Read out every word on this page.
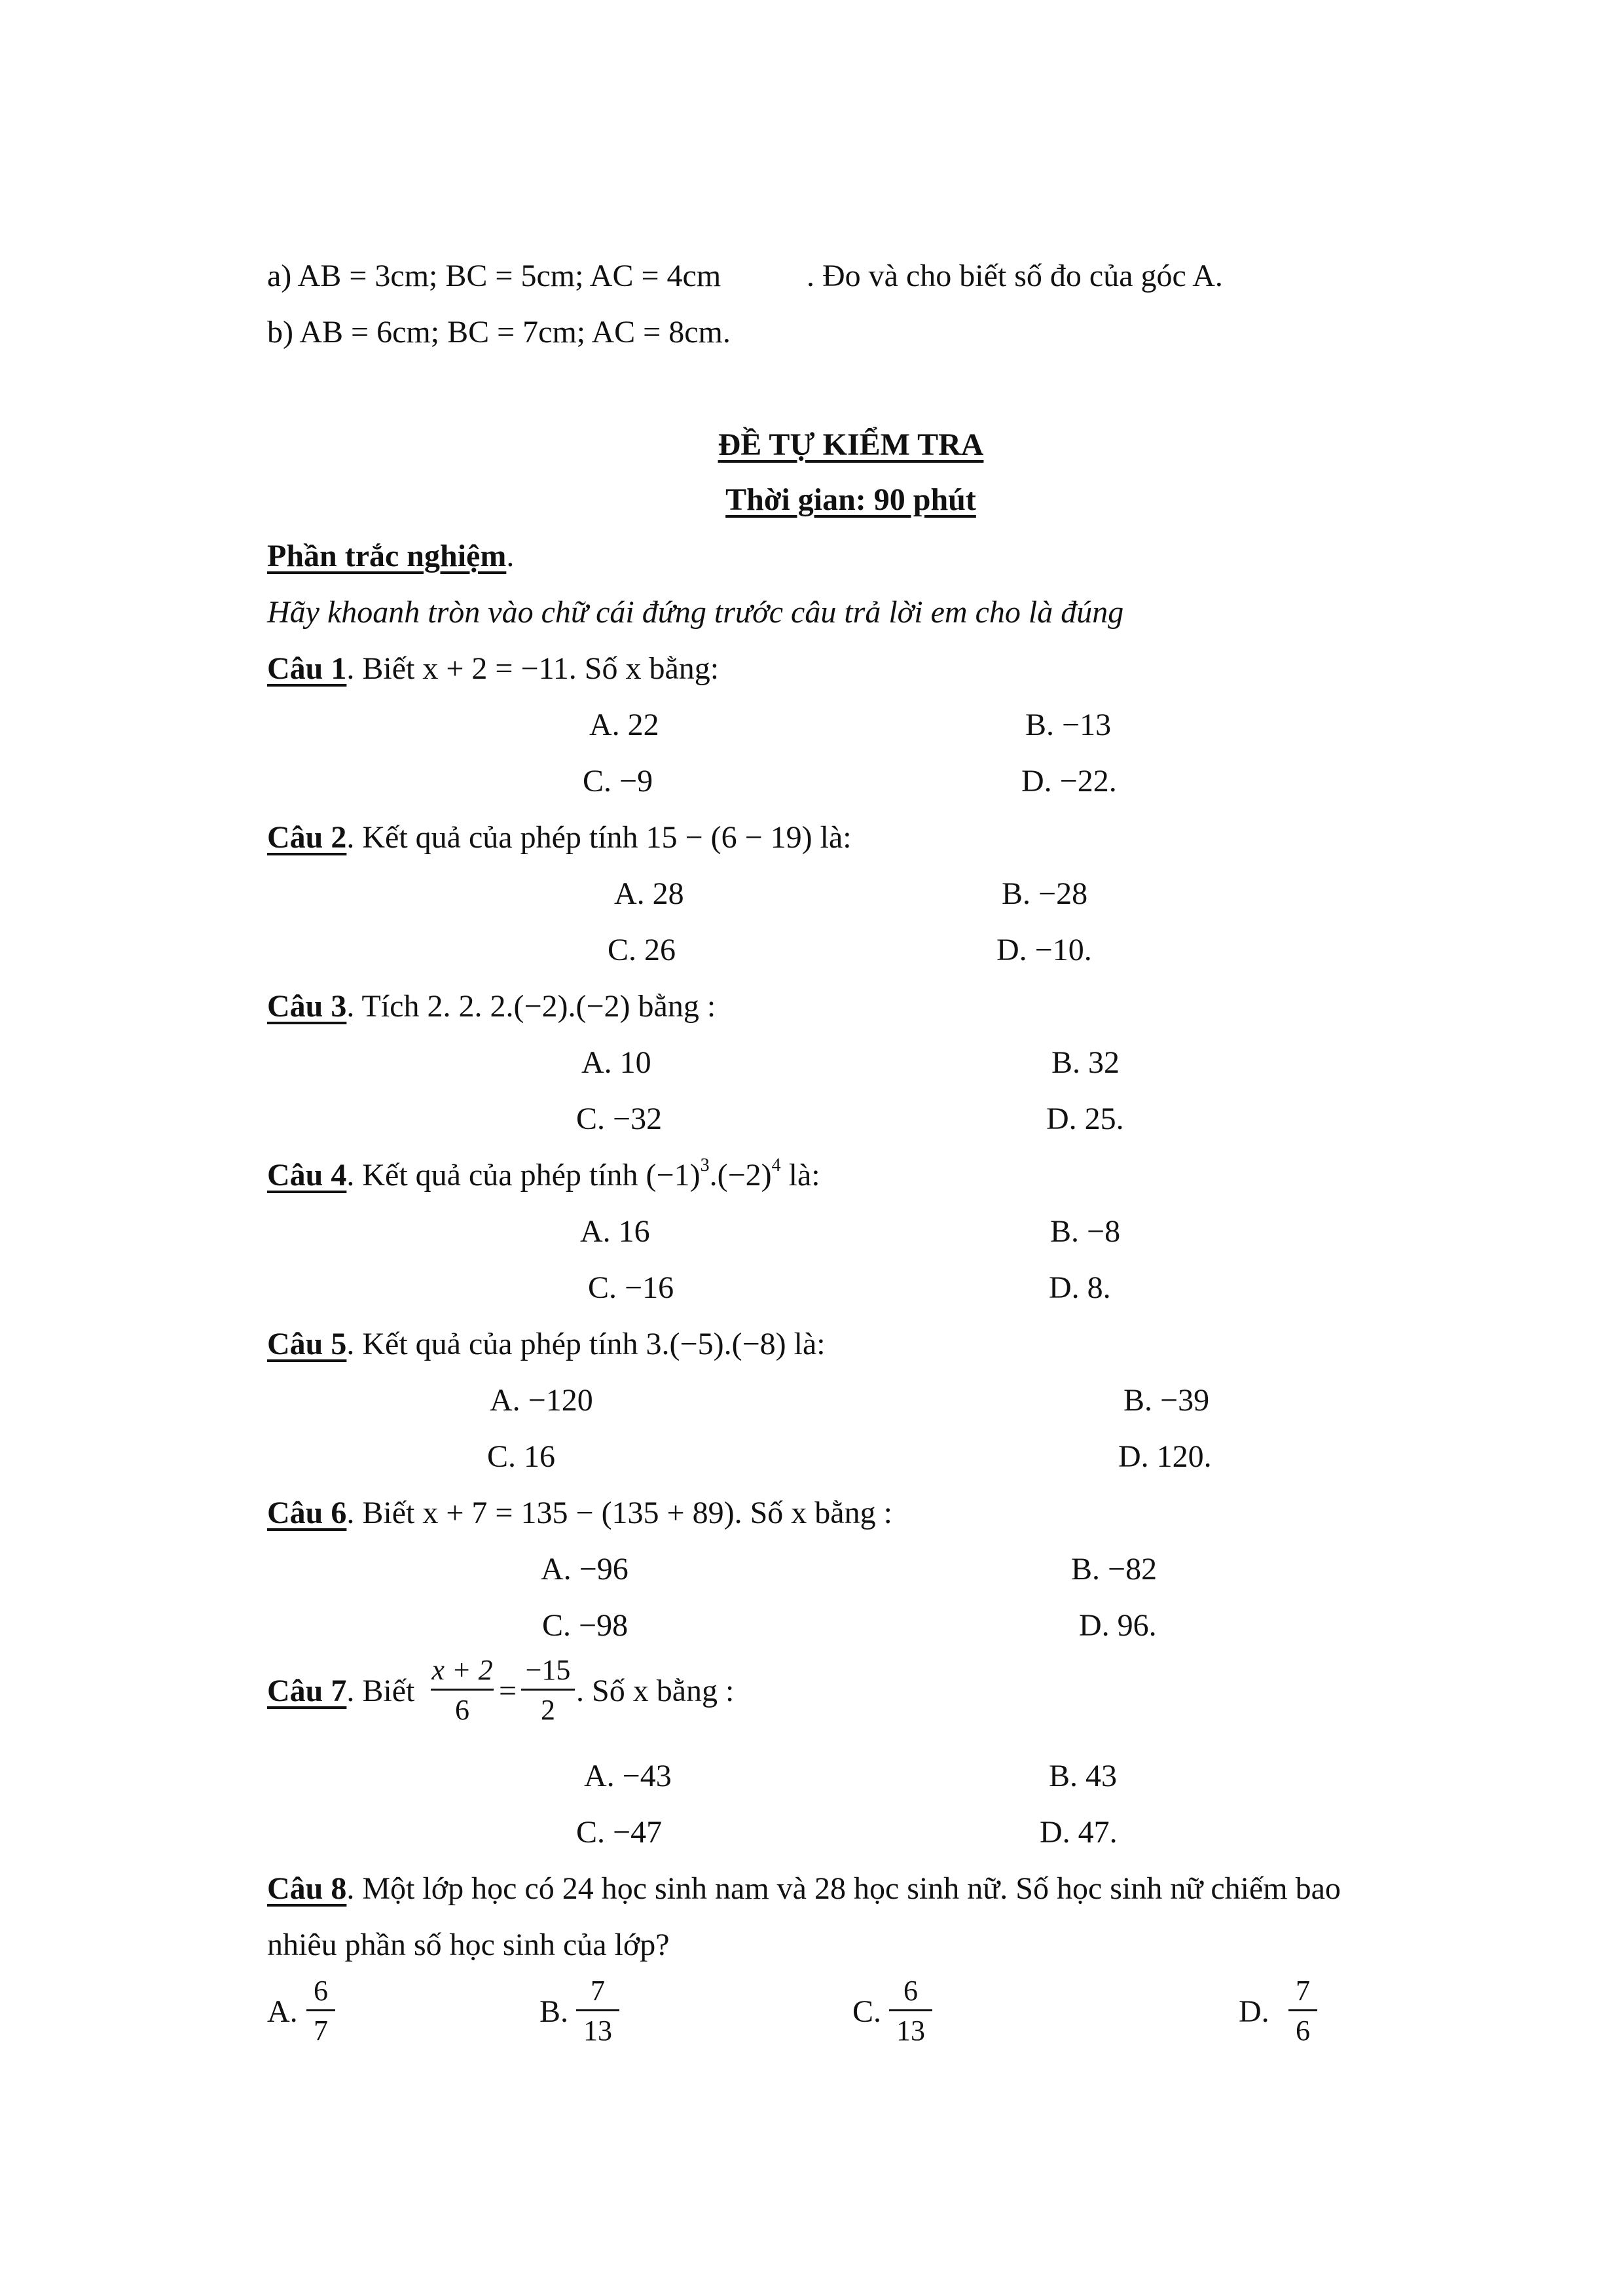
a) AB = 3cm; BC = 5cm; AC = 4cm	. Đo và cho biết số đo của góc A.
b) AB = 6cm; BC = 7cm; AC = 8cm.
ĐỀ TỰ KIỂM TRA
Thời gian: 90 phút
Phần trắc nghiệm.
Hãy khoanh tròn vào chữ cái đứng trước câu trả lời em cho là đúng
Câu 1. Biết x + 2 = −11. Số x bằng:
A. 22	B. −13
C. −9	D. −22.
Câu 2. Kết quả của phép tính 15 − (6 − 19) là:
A. 28	B. −28
C. 26	D. −10.
Câu 3. Tích 2. 2. 2.(−2).(−2) bằng :
A. 10	B. 32
C. −32	D. 25.
Câu 4. Kết quả của phép tính $(-1)^3.(-2)^4$ là:
A. 16	B. −8
C. −16	D. 8.
Câu 5. Kết quả của phép tính 3.(−5).(−8) là:
A. −120	B. −39
C. 16	D. 120.
Câu 6. Biết x + 7 = 135 − (135 + 89). Số x bằng :
A. −96	B. −82
C. −98	D. 96.
Câu 7. Biết
x + 2
6
=
−15
2
. Số x bằng :
A. −43	B. 43
C. −47	D. 47.
Câu 8. Một lớp học có 24 học sinh nam và 28 học sinh nữ. Số học sinh nữ chiếm bao
nhiêu phần số học sinh của lớp?
A.
6
7
B.
7
13
C.
6
13
D.
7
6
